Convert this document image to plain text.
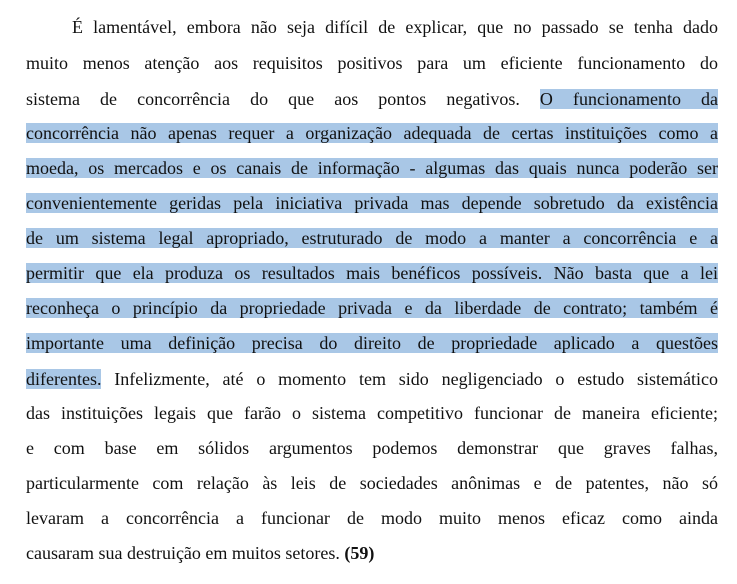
É lamentável, embora não seja difícil de explicar, que no passado se tenha dado
muito menos atenção aos requisitos positivos para um eficiente funcionamento do
sistema de concorrência do que aos pontos negativos. O funcionamento da
concorrência não apenas requer a organização adequada de certas instituições como a
moeda, os mercados e os canais de informação - algumas das quais nunca poderão ser
convenientemente geridas pela iniciativa privada mas depende sobretudo da existência
de um sistema legal apropriado, estruturado de modo a manter a concorrência e a
permitir que ela produza os resultados mais benéficos possíveis. Não basta que a lei
reconheça o princípio da propriedade privada e da liberdade de contrato; também é
importante uma definição precisa do direito de propriedade aplicado a questões
diferentes. Infelizmente, até o momento tem sido negligenciado o estudo sistemático
das instituições legais que farão o sistema competitivo funcionar de maneira eficiente;
e com base em sólidos argumentos podemos demonstrar que graves falhas,
particularmente com relação às leis de sociedades anônimas e de patentes, não só
levaram a concorrência a funcionar de modo muito menos eficaz como ainda
causaram sua destruição em muitos setores. (59)
